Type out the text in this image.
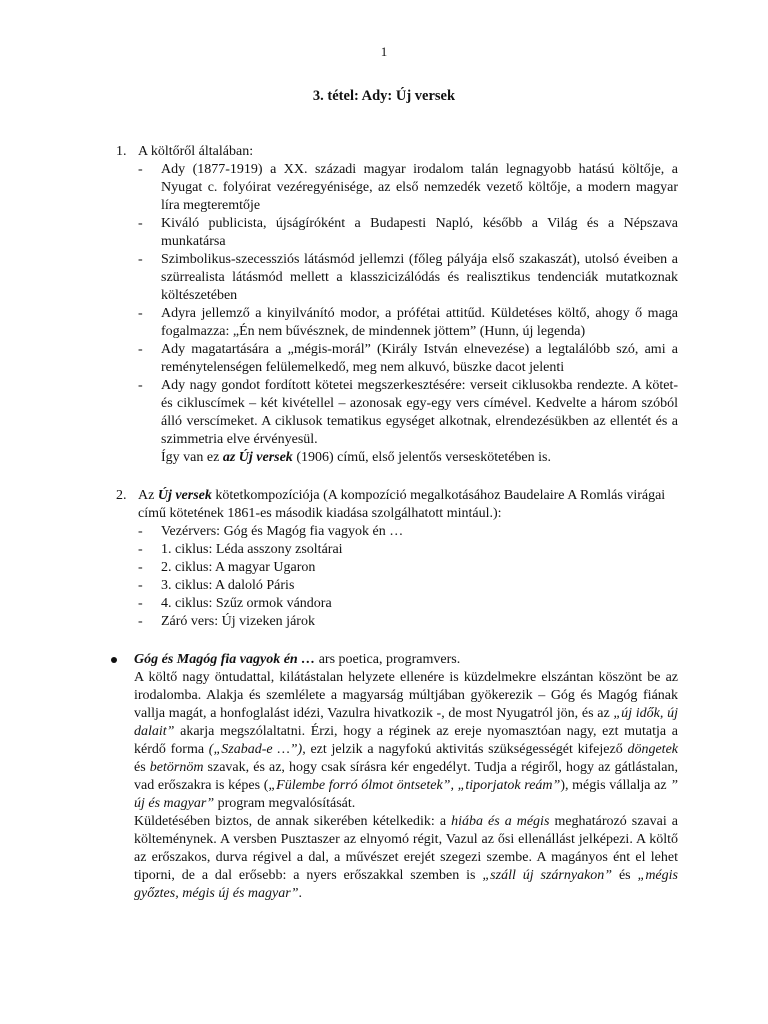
1
3. tétel: Ady: Új versek
1. A költőről általában:
- Ady (1877-1919) a XX. századi magyar irodalom talán legnagyobb hatású költője, a Nyugat c. folyóirat vezéregyénisége, az első nemzedék vezető költője, a modern magyar líra megteremtője
- Kiváló publicista, újságíróként a Budapesti Napló, később a Világ és a Népszava munkatársa
- Szimbolikus-szecessziós látásmód jellemzi (főleg pályája első szakaszát), utolsó éveiben a szürrealista látásmód mellett a klasszicizálódás és realisztikus tendenciák mutatkoznak költészetében
- Adyra jellemző a kinyilvánító modor, a prófétai attitűd. Küldetéses költő, ahogy ő maga fogalmazza: „Én nem bűvésznek, de mindennek jöttem” (Hunn, új legenda)
- Ady magatartására a „mégis-morál” (Király István elnevezése) a legtalálóbb szó, ami a reménytelenségen felülemelkedő, meg nem alkuvó, büszke dacot jelenti
- Ady nagy gondot fordított kötetei megszerkesztésére: verseit ciklusokba rendezte. A kötet- és cikluscímek – két kivétellel – azonosak egy-egy vers címével. Kedvelte a három szóból álló verscímeket. A ciklusok tematikus egységet alkotnak, elrendezésükben az ellentét és a szimmetria elve érvényesül.
Így van ez az Új versek (1906) című, első jelentős verseskötetében is.
2. Az Új versek kötetkompozíciója (A kompozíció megalkotásához Baudelaire A Romlás virágai című kötetének 1861-es második kiadása szolgálhatott mintául.):
- Vezérvers: Góg és Magóg fia vagyok én …
- 1. ciklus: Léda asszony zsoltárai
- 2. ciklus: A magyar Ugaron
- 3. ciklus: A daloló Páris
- 4. ciklus: Szűz ormok vándora
- Záró vers: Új vizeken járok
Góg és Magóg fia vagyok én … ars poetica, programvers.
A költő nagy öntudattal, kilátástalan helyzete ellenére is küzdelmekre elszántan köszönt be az irodalomba. Alakja és szemlélete a magyarság múltjában gyökerezik – Góg és Magóg fiának vallja magát, a honfoglalást idézi, Vazulra hivatkozik -, de most Nyugatról jön, és az „új idők, új dalait” akarja megszólaltatni. Érzi, hogy a réginek az ereje nyomasztóan nagy, ezt mutatja a kérdő forma („Szabad-e …”), ezt jelzik a nagyfokú aktivitás szükségességét kifejező döngetek és betörnöm szavak, és az, hogy csak sírásra kér engedélyt. Tudja a régiről, hogy az gátlástalan, vad erőszakra is képes („Fülembe forró ólmot öntsetek”, „tiporjatok reám”), mégis vállalja az ” új és magyar” program megvalósítását.
Küldetésében biztos, de annak sikerében kételkedik: a hiába és a mégis meghatározó szavai a költeménynek. A versben Pusztaszer az elnyomó régit, Vazul az ősi ellenállást jelképezi. A költő az erőszakos, durva régivel a dal, a művészet erejét szegezi szembe. A magányos ént el lehet tiporni, de a dal erősebb: a nyers erőszakkal szemben is „száll új szárnyakon” és „mégis győztes, mégis új és magyar”.
